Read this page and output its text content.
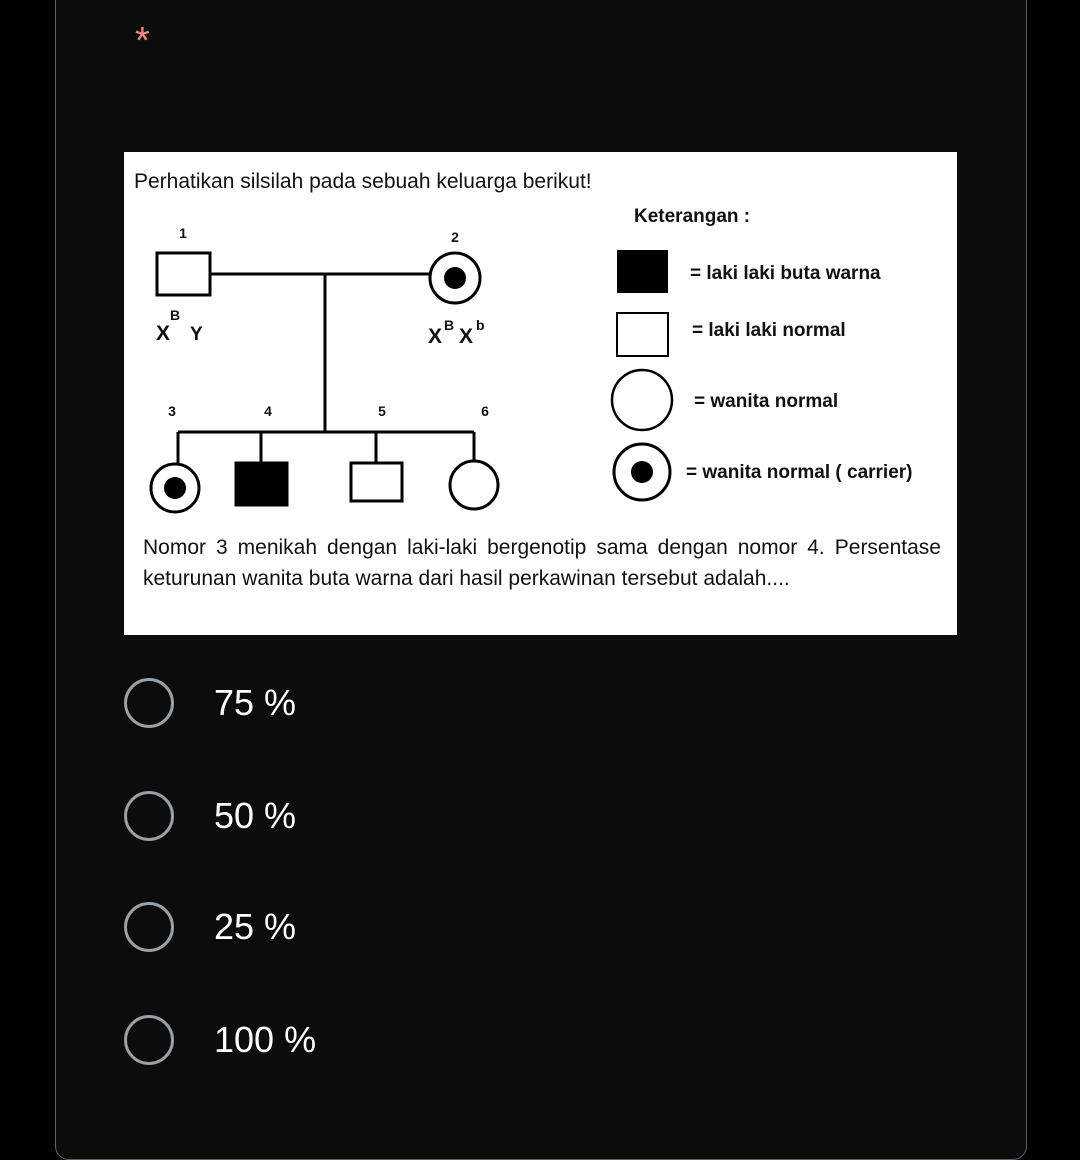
*
Perhatikan silsilah pada sebuah keluarga berikut!
1	2
X
B
Y	X B X b
3	4	5	6
Keterangan :
= laki laki buta warna
= laki laki normal
= wanita normal
= wanita normal ( carrier)
Nomor 3 menikah dengan laki-laki bergenotip sama dengan nomor 4. Persentase keturunan wanita buta warna dari hasil perkawinan tersebut adalah....
75 %
50 %
25 %
100 %
